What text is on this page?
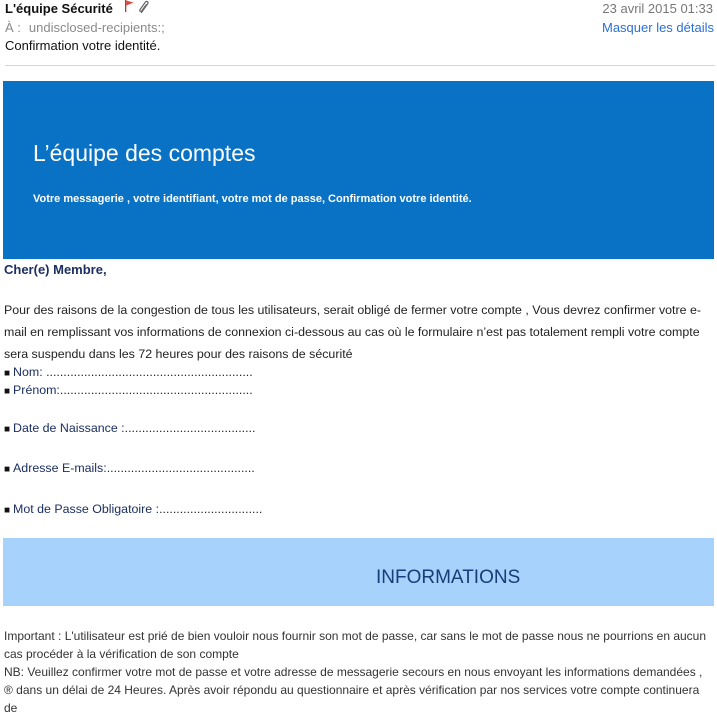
L'équipe Sécurité	23 avril 2015 01:33
À : undisclosed-recipients:;	Masquer les détails
Confirmation votre identité.
L’équipe des comptes
Votre messagerie , votre identifiant, votre mot de passe, Confirmation votre identité.
Cher(e) Membre,
Pour des raisons de la congestion de tous les utilisateurs, serait obligé de fermer votre compte , Vous devrez confirmer votre e-mail en remplissant vos informations de connexion ci-dessous au cas où le formulaire n’est pas totalement rempli votre compte sera suspendu dans les 72 heures pour des raisons de sécurité
■ Nom: ............................................................
■ Prénom:........................................................
■ Date de Naissance :......................................
■ Adresse E-mails:...........................................
■ Mot de Passe Obligatoire :..............................
INFORMATIONS
Important : L'utilisateur est prié de bien vouloir nous fournir son mot de passe, car sans le mot de passe nous ne pourrions en aucun cas procéder à la vérification de son compte
NB: Veuillez confirmer votre mot de passe et votre adresse de messagerie secours en nous envoyant les informations demandées , ® dans un délai de 24 Heures. Après avoir répondu au questionnaire et après vérification par nos services votre compte continuera de
